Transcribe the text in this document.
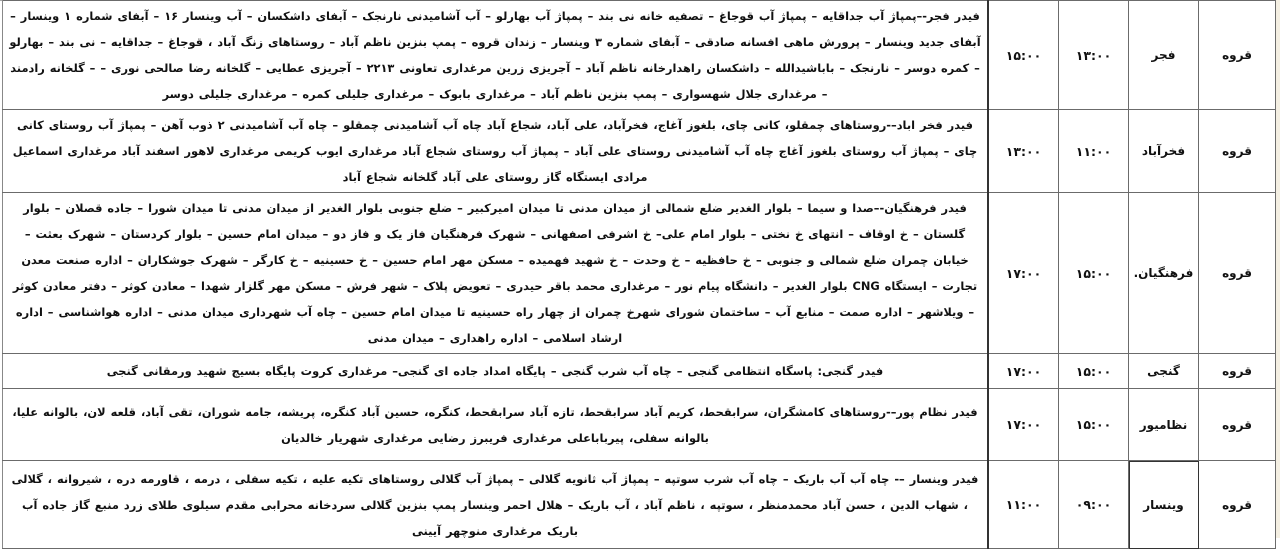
قروه	فجر	۱۳:۰۰	۱۵:۰۰	فیدر فجر-–پمپاژ آب جداقایه – پمپاژ آب قوجاغ – تصفیه خانه نی بند – پمپاژ آب بهارلو – آب آشامیدنی نارنجک – آبفای داشکسان – آب وینسار ۱۶ – آبفای شماره ۱ وینسار – آبفای جدید وینسار – پرورش ماهی افسانه صادقی – آبفای شماره ۳ وینسار – زندان قروه – پمپ بنزین ناظم آباد – روستاهای زنگ آباد ، قوجاغ – جداقایه – نی بند – بهارلو – کمره دوسر – نارنجک – باباشیدالله – داشکسان راهدارخانه ناظم آباد – آجریزی زرین مرغداری تعاونی ۲۲۱۳ – آجریزی عطایی – گلخانه رضا صالحی نوری – – گلخانه رادمند – مرغداری جلال شهسواری – پمپ بنزین ناظم آباد – مرغداری بابوک – مرغداری جلیلی کمره – مرغداری جلیلی دوسر
قروه	فخرآباد	۱۱:۰۰	۱۳:۰۰	فیدر فخر اباد–-روستاهای چمقلو، کانی چای، بلغوز آغاج، فخرآباد، علی آباد، شجاع آباد چاه آب آشامیدنی چمقلو – چاه آب آشامیدنی ۲ ذوب آهن – پمپاژ آب روستای کانی چای – پمپاژ آب روستای بلغوز آغاج چاه آب آشامیدنی روستای علی آباد – پمپاژ آب روستای شجاع آباد مرغداری ایوب کریمی مرغداری لاهور اسفند آباد مرغداری اسماعیل مرادی ایستگاه گاز روستای علی آباد گلخانه شجاع آباد
قروه	فرهنگیان.	۱۵:۰۰	۱۷:۰۰	فیدر فرهنگیان-–صدا و سیما – بلوار الغدیر ضلع شمالی از میدان مدنی تا میدان امیرکبیر – ضلع جنوبی بلوار الغدیر از میدان مدنی تا میدان شورا – جاده قصلان – بلوار گلستان – خ اوقاف – انتهای خ نختی – بلوار امام علی– خ اشرفی اصفهانی – شهرک فرهنگیان فاز یک و فاز دو – میدان امام حسین – بلوار کردستان – شهرک بعثت – خیابان چمران ضلع شمالی و جنوبی – خ حافظیه – خ وحدت – خ شهید فهمیده – مسکن مهر امام حسین – خ حسینیه – خ کارگر – شهرک جوشکاران – اداره صنعت معدن تجارت – ایستگاه CNG بلوار الغدیر – دانشگاه پیام نور – مرغداری محمد باقر حیدری – تعویض پلاک – شهر فرش – مسکن مهر گلزار شهدا – معادن کوثر – دفتر معادن کوثر – ویلاشهر – اداره صمت – منابع آب – ساختمان شورای شهرخ چمران از چهار راه حسینیه تا میدان امام حسین – چاه آب شهرداری میدان مدنی – اداره هواشناسی – اداره ارشاد اسلامی – اداره راهداری – میدان مدنی
قروه	گنجی	۱۵:۰۰	۱۷:۰۰	فیدر گنجی: پاسگاه انتظامی گنجی – چاه آب شرب گنجی – پایگاه امداد جاده ای گنجی– مرغداری کروت پایگاه بسیج شهید ورمقانی گنجی
قروه	نظامیور	۱۵:۰۰	۱۷:۰۰	فیدر نظام پور–-روستاهای کامشگران، سرابقحط، کریم آباد سرابقحط، تازه آباد سرابقحط، کنگره، حسین آباد کنگره، پریشه، جامه شوران، تقی آباد، قلعه لان، بالوانه علیا، بالوانه سفلی، پیربابا‌علی مرغداری فریبرز رضایی مرغداری شهریار خالدیان
قروه	وینسار	۰۹:۰۰	۱۱:۰۰	فیدر وینسار –- چاه آب آب باریک – چاه آب شرب سوتپه – پمپاژ آب ثانویه گلالی – پمپاژ آب گلالی روستاهای تکیه علیه ، تکیه سفلی ، درمه ، قاورمه دره ، شیروانه ، گلالی ، شهاب الدین ، حسن آباد محمدمنظر ، سوتپه ، ناظم آباد ، آب باریک – هلال احمر وینسار پمپ بنزین گلالی سردخانه محرابی مقدم سیلوی طلای زرد منبع گاز جاده آب باریک مرغداری منوچهر آیینی
